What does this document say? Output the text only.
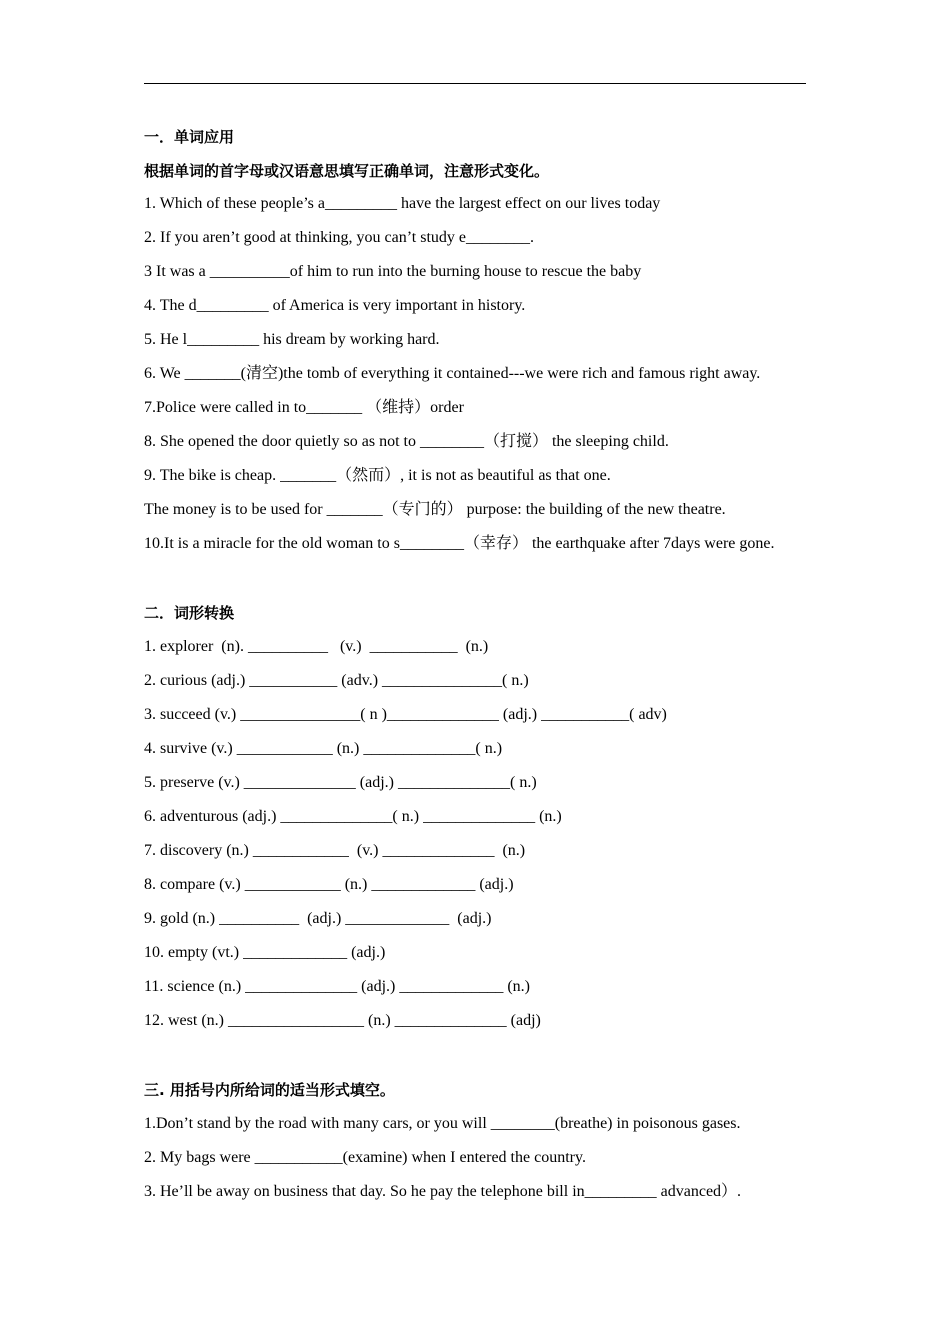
一．单词应用
根据单词的首字母或汉语意思填写正确单词，注意形式变化。
1. Which of these people’s a_________ have the largest effect on our lives today
2. If you aren’t good at thinking, you can’t study e________.
3 It was a __________of him to run into the burning house to rescue the baby
4. The d_________ of America is very important in history.
5. He l_________ his dream by working hard.
6. We _______(清空)the tomb of everything it contained---we were rich and famous right away.
7.Police were called in to_______ （维持）order
8. She opened the door quietly so as not to ________（打搅） the sleeping child.
9. The bike is cheap. _______（然而）, it is not as beautiful as that one.
The money is to be used for _______（专门的） purpose: the building of the new theatre.
10.It is a miracle for the old woman to s________（幸存） the earthquake after 7days were gone.
二．词形转换
1. explorer  (n). __________   (v.)  ___________  (n.)
2. curious (adj.) ___________ (adv.) _______________( n.)
3. succeed (v.) _______________( n )______________ (adj.) ___________( adv)
4. survive (v.) ____________ (n.) ______________( n.)
5. preserve (v.) ______________ (adj.) ______________( n.)
6. adventurous (adj.) ______________( n.) ______________ (n.)
7. discovery (n.) ____________  (v.) ______________  (n.)
8. compare (v.) ____________ (n.) _____________ (adj.)
9. gold (n.) __________  (adj.) _____________  (adj.)
10. empty (vt.) _____________ (adj.)
11. science (n.) ______________ (adj.) _____________ (n.)
12. west (n.) _________________ (n.) ______________ (adj)
三. 用括号内所给词的适当形式填空。
1.Don’t stand by the road with many cars, or you will ________(breathe) in poisonous gases.
2. My bags were ___________(examine) when I entered the country.
3. He’ll be away on business that day. So he pay the telephone bill in_________ advanced）.
